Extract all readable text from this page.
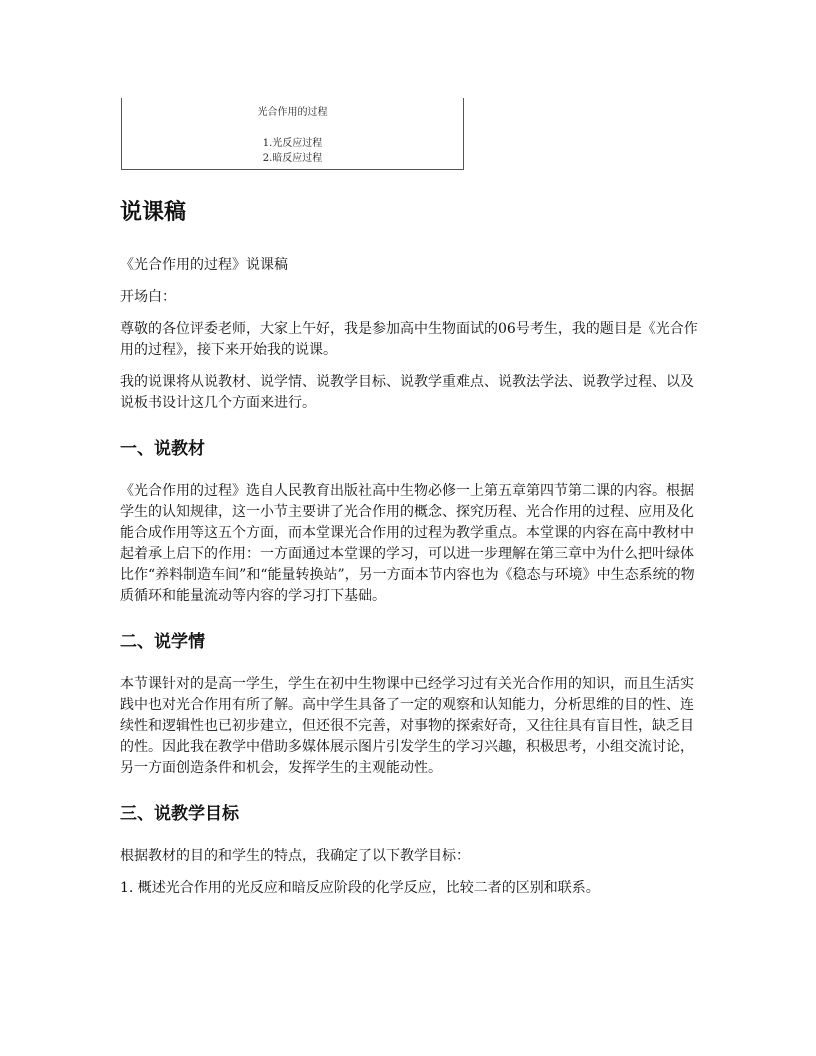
光合作用的过程
1.光反应过程
2.暗反应过程
说课稿

《光合作用的过程》说课稿

开场白：

尊敬的各位评委老师，大家上午好，我是参加高中生物面试的06号考生，我的题目是《光合作用的过程》，接下来开始我的说课。

我的说课将从说教材、说学情、说教学目标、说教学重难点、说教法学法、说教学过程、以及说板书设计这几个方面来进行。

一、说教材

《光合作用的过程》选自人民教育出版社高中生物必修一上第五章第四节第二课的内容。根据学生的认知规律，这一小节主要讲了光合作用的概念、探究历程、光合作用的过程、应用及化能合成作用等这五个方面，而本堂课光合作用的过程为教学重点。本堂课的内容在高中教材中起着承上启下的作用：一方面通过本堂课的学习，可以进一步理解在第三章中为什么把叶绿体比作“养料制造车间”和“能量转换站”，另一方面本节内容也为《稳态与环境》中生态系统的物质循环和能量流动等内容的学习打下基础。

二、说学情

本节课针对的是高一学生，学生在初中生物课中已经学习过有关光合作用的知识，而且生活实践中也对光合作用有所了解。高中学生具备了一定的观察和认知能力，分析思维的目的性、连续性和逻辑性也已初步建立，但还很不完善，对事物的探索好奇，又往往具有盲目性，缺乏目的性。因此我在教学中借助多媒体展示图片引发学生的学习兴趣，积极思考，小组交流讨论，另一方面创造条件和机会，发挥学生的主观能动性。

三、说教学目标

根据教材的目的和学生的特点，我确定了以下教学目标：

1. 概述光合作用的光反应和暗反应阶段的化学反应，比较二者的区别和联系。
